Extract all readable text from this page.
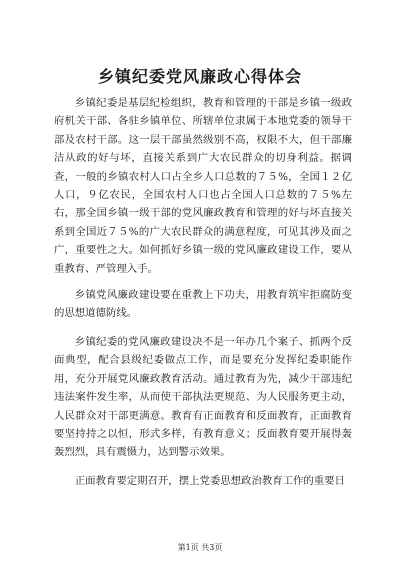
乡镇纪委党风廉政心得体会

乡镇纪委是基层纪检组织，教育和管理的干部是乡镇一级政府机关干部、各驻乡镇单位、所辖单位隶属于本地党委的领导干部及农村干部。这一层干部虽然级别不高，权限不大，但干部廉洁从政的好与坏，直接关系到广大农民群众的切身利益。据调查，一般的乡镇农村人口占全乡人口总数的７５%，全国１２亿人口，９亿农民，全国农村人口也占全国人口总数的７５%左右，那全国乡镇一级干部的党风廉政教育和管理的好与坏直接关系到全国近７５%的广大农民群众的满意程度，可见其涉及面之广，重要性之大。如何抓好乡镇一级的党风廉政建设工作，要从重教育、严管理入手。

乡镇党风廉政建设要在重教上下功夫，用教育筑牢拒腐防变的思想道德防线。

乡镇纪委的党风廉政建设决不是一年办几个案子、抓两个反面典型，配合县级纪委做点工作，而是要充分发挥纪委职能作用，充分开展党风廉政教育活动。通过教育为先，减少干部违纪违法案件发生率，从而使干部执法更规范、为人民服务更主动，人民群众对干部更满意。教育有正面教育和反面教育，正面教育要坚持持之以恒，形式多样，有教育意义；反面教育要开展得轰轰烈烈，具有震慑力，达到警示效果。

正面教育要定期召开，摆上党委思想政治教育工作的重要日

第1页 共3页
